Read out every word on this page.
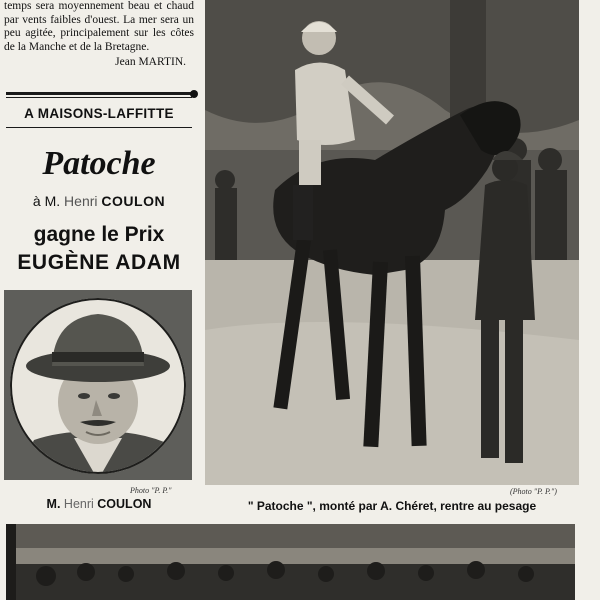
temps sera moyennement beau et chaud par vents faibles d'ouest. La mer sera un peu agitée, principalement sur les côtes de la Manche et de la Bretagne.
Jean MARTIN.
A MAISONS-LAFFITTE
Patoche
à M. Henri COULON
gagne le Prix
EUGÈNE ADAM
Photo "P. P."
M. Henri COULON
(Photo "P. P.")
" Patoche ", monté par A. Chéret, rentre au pesage
